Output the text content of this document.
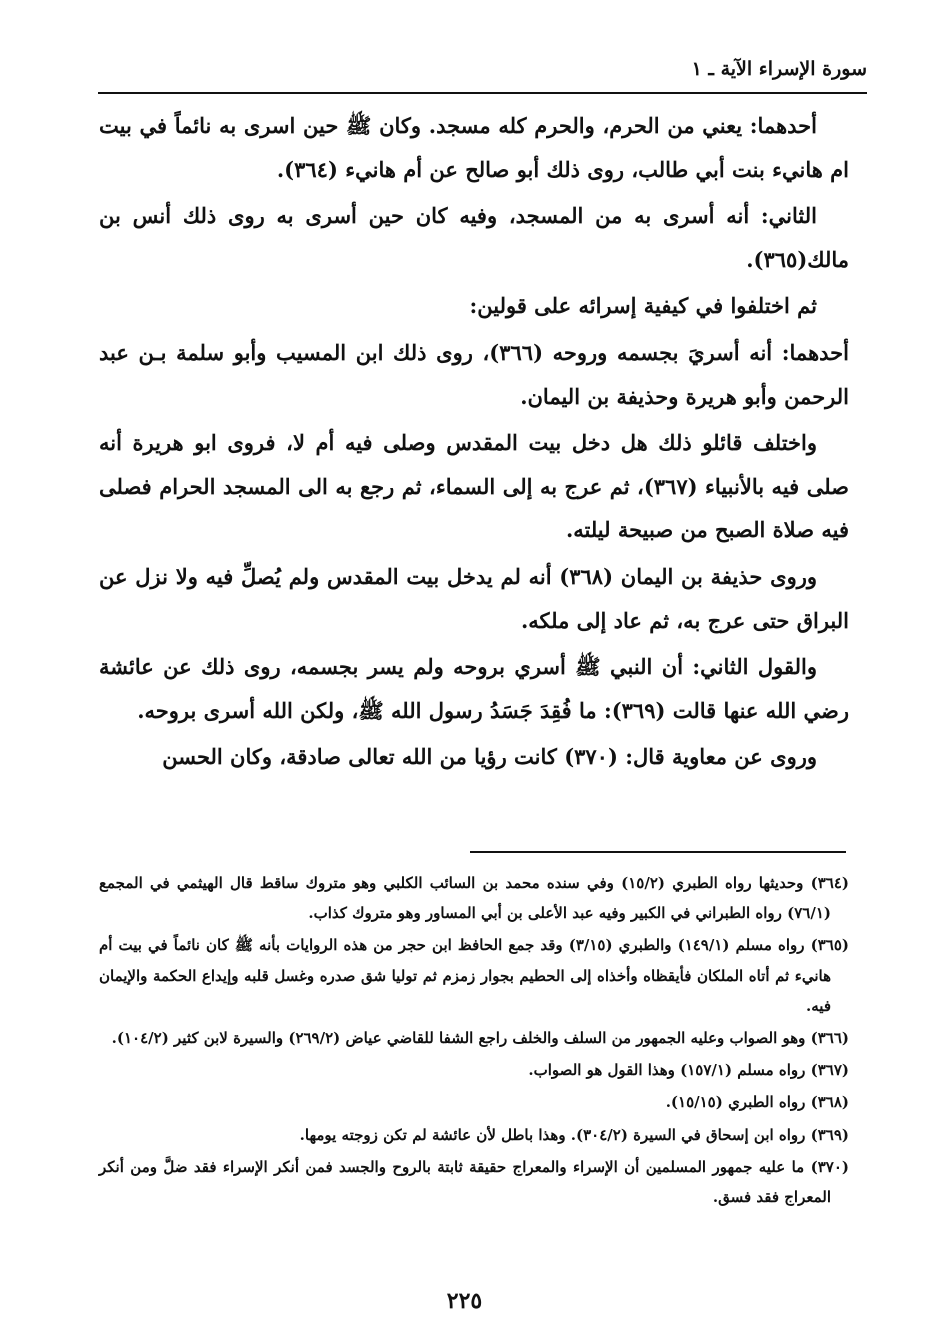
سورة الإسراء الآية ـ ١

أحدهما: يعني من الحرم، والحرم كله مسجد. وكان ﷺ حين اسرى به نائماً في بيت ام هانيء بنت أبي طالب، روى ذلك أبو صالح عن أم هانيء (٣٦٤).

الثاني: أنه أسرى به من المسجد، وفيه كان حين أسرى به روى ذلك أنس بن مالك(٣٦٥).

ثم اختلفوا في كيفية إسرائه على قولين:

أحدهما: أنه أسريَ بجسمه وروحه (٣٦٦)، روى ذلك ابن المسيب وأبو سلمة بـن عبد الرحمن وأبو هريرة وحذيفة بن اليمان.

واختلف قائلو ذلك هل دخل بيت المقدس وصلى فيه أم لا، فروى ابو هريرة أنه صلى فيه بالأنبياء (٣٦٧)، ثم عرج به إلى السماء، ثم رجع به الى المسجد الحرام فصلى فيه صلاة الصبح من صبيحة ليلته.

وروى حذيفة بن اليمان (٣٦٨) أنه لم يدخل بيت المقدس ولم يُصلِّ فيه ولا نزل عن البراق حتى عرج به، ثم عاد إلى ملكه.

والقول الثاني: أن النبي ﷺ أسري بروحه ولم يسر بجسمه، روى ذلك عن عائشة رضي الله عنها قالت (٣٦٩): ما فُقِدَ جَسَدُ رسول الله ﷺ، ولكن الله أسرى بروحه.

وروى عن معاوية قال: (٣٧٠) كانت رؤيا من الله تعالى صادقة، وكان الحسن

(٣٦٤) وحديثها رواه الطبري (١٥/٢) وفي سنده محمد بن السائب الكلبي وهو متروك ساقط قال الهيثمي في المجمع (٧٦/١) رواه الطبراني في الكبير وفيه عبد الأعلى بن أبي المساور وهو متروك كذاب.

(٣٦٥) رواه مسلم (١٤٩/١) والطبري (٣/١٥) وقد جمع الحافظ ابن حجر من هذه الروايات بأنه ﷺ كان نائماً في بيت أم هانيء ثم أتاه الملكان فأيقظاه وأخذاه إلى الحطيم بجوار زمزم ثم توليا شق صدره وغسل قلبه وإيداع الحكمة والإيمان فيه.

(٣٦٦) وهو الصواب وعليه الجمهور من السلف والخلف راجع الشفا للقاضي عياض (٢٦٩/٢) والسيرة لابن كثير (١٠٤/٢).

(٣٦٧) رواه مسلم (١٥٧/١) وهذا القول هو الصواب.

(٣٦٨) رواه الطبري (١٥/١٥).

(٣٦٩) رواه ابن إسحاق في السيرة (٣٠٤/٢). وهذا باطل لأن عائشة لم تكن زوجته يومها.

(٣٧٠) ما عليه جمهور المسلمين أن الإسراء والمعراج حقيقة ثابتة بالروح والجسد فمن أنكر الإسراء فقد ضلَّ ومن أنكر المعراج فقد فسق.

٢٢٥
